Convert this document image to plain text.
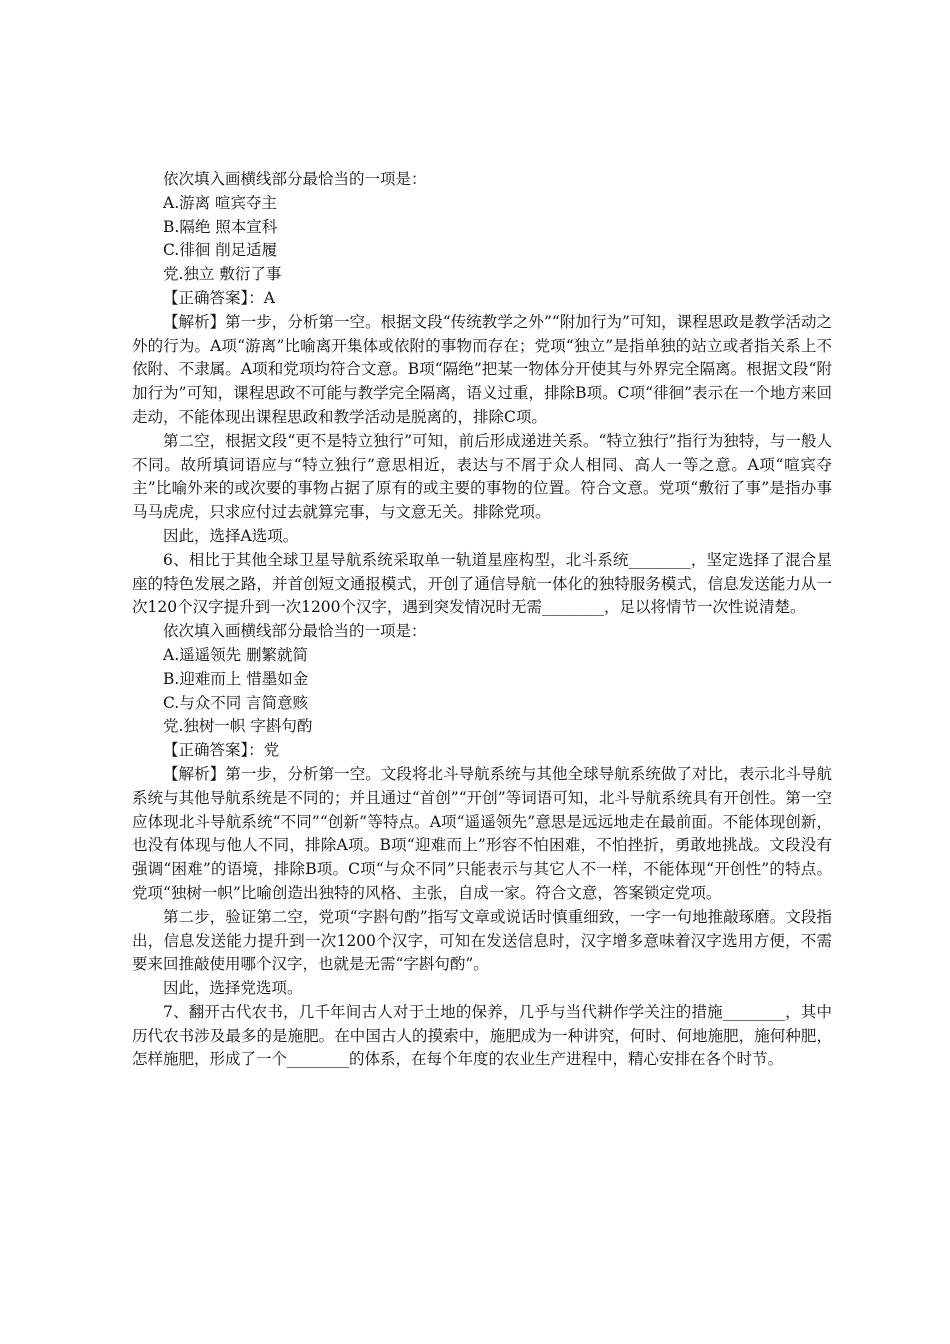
依次填入画横线部分最恰当的一项是：

A.游离 喧宾夺主

B.隔绝 照本宣科

C.徘徊 削足适履

党.独立 敷衍了事

【正确答案】：A

【解析】第一步，分析第一空。根据文段“传统教学之外”“附加行为”可知，课程思政是教学活动之外的行为。A项“游离”比喻离开集体或依附的事物而存在；党项“独立”是指单独的站立或者指关系上不依附、不隶属。A项和党项均符合文意。B项“隔绝”把某一物体分开使其与外界完全隔离。根据文段“附加行为”可知，课程思政不可能与教学完全隔离，语义过重，排除B项。C项“徘徊”表示在一个地方来回走动，不能体现出课程思政和教学活动是脱离的，排除C项。

第二空，根据文段“更不是特立独行”可知，前后形成递进关系。“特立独行”指行为独特，与一般人不同。故所填词语应与“特立独行”意思相近，表达与不屑于众人相同、高人一等之意。A项“喧宾夺主”比喻外来的或次要的事物占据了原有的或主要的事物的位置。符合文意。党项“敷衍了事”是指办事马马虎虎，只求应付过去就算完事，与文意无关。排除党项。

因此，选择A选项。

6、相比于其他全球卫星导航系统采取单一轨道星座构型，北斗系统________，坚定选择了混合星座的特色发展之路，并首创短文通报模式，开创了通信导航一体化的独特服务模式，信息发送能力从一次120个汉字提升到一次1200个汉字，遇到突发情况时无需________，足以将情节一次性说清楚。

依次填入画横线部分最恰当的一项是：

A.遥遥领先 删繁就简

B.迎难而上 惜墨如金

C.与众不同 言简意赅

党.独树一帜 字斟句酌

【正确答案】：党

【解析】第一步，分析第一空。文段将北斗导航系统与其他全球导航系统做了对比，表示北斗导航系统与其他导航系统是不同的；并且通过“首创”“开创”等词语可知，北斗导航系统具有开创性。第一空应体现北斗导航系统“不同”“创新”等特点。A项“遥遥领先”意思是远远地走在最前面。不能体现创新，也没有体现与他人不同，排除A项。B项“迎难而上”形容不怕困难，不怕挫折，勇敢地挑战。文段没有强调“困难”的语境，排除B项。C项“与众不同”只能表示与其它人不一样，不能体现“开创性”的特点。党项“独树一帜”比喻创造出独特的风格、主张，自成一家。符合文意，答案锁定党项。

第二步，验证第二空，党项“字斟句酌”指写文章或说话时慎重细致，一字一句地推敲琢磨。文段指出，信息发送能力提升到一次1200个汉字，可知在发送信息时，汉字增多意味着汉字选用方便，不需要来回推敲使用哪个汉字，也就是无需“字斟句酌”。

因此，选择党选项。

7、翻开古代农书，几千年间古人对于土地的保养，几乎与当代耕作学关注的措施________，其中历代农书涉及最多的是施肥。在中国古人的摸索中，施肥成为一种讲究，何时、何地施肥，施何种肥，怎样施肥，形成了一个________的体系，在每个年度的农业生产进程中，精心安排在各个时节。
